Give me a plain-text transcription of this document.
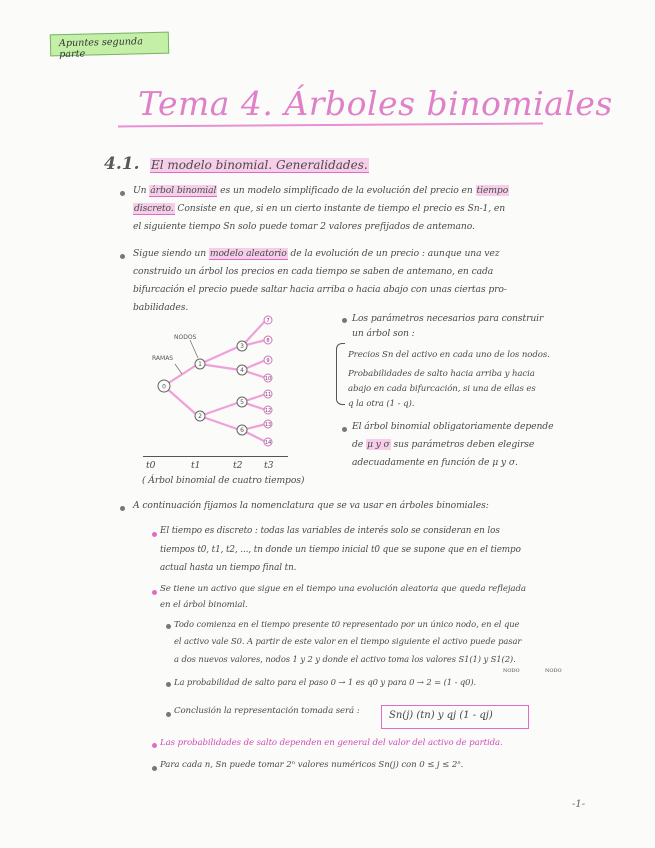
Apuntes segunda parte
Tema 4. Árboles binomiales
4.1. El modelo binomial. Generalidades.
Un árbol binomial es un modelo simplificado de la evolución del precio en tiempo
discreto. Consiste en que, si en un cierto instante de tiempo el precio es Sn-1, en
el siguiente tiempo Sn solo puede tomar 2 valores prefijados de antemano.
Sigue siendo un modelo aleatorio de la evolución de un precio : aunque una vez
construido un árbol los precios en cada tiempo se saben de antemano, en cada
bifurcación el precio puede saltar hacia arriba o hacia abajo con unas ciertas pro-
babilidades.
0
1
2
3
4
5
6
7
8
9
10
11
12
13
14
NODOS
RAMAS
t0	t1	t2 t3
( Árbol binomial de cuatro tiempos)
Los parámetros necesarios para construir
un árbol son :
Precios Sn del activo en cada uno de los nodos.
Probabilidades de salto hacia arriba y hacia
abajo en cada bifurcación, si una de ellas es
q la otra (1 - q).
El árbol binomial obligatoriamente depende
de μ y σ sus parámetros deben elegirse
adecuadamente en función de μ y σ.
A continuación fijamos la nomenclatura que se va usar en árboles binomiales:
El tiempo es discreto : todas las variables de interés solo se consideran en los
tiempos t0, t1, t2, ..., tn donde un tiempo inicial t0 que se supone que en el tiempo
actual hasta un tiempo final tn.
Se tiene un activo que sigue en el tiempo una evolución aleatoria que queda reflejada
en el árbol binomial.
Todo comienza en el tiempo presente t0 representado por un único nodo, en el que
el activo vale S0. A partir de este valor en el tiempo siguiente el activo puede pasar
a dos nuevos valores, nodos 1 y 2 y donde el activo toma los valores S1(1) y S1(2).
La probabilidad de salto para el paso 0 → 1 es q0 y para 0 → 2 = (1 - q0).
NODO	NODO
Conclusión la representación tomada será :	Sn(j) (tn) y qj (1 - qj)
Las probabilidades de salto dependen en general del valor del activo de partida.
Para cada n, Sn puede tomar 2ⁿ valores numéricos Sn(j) con 0 ≤ j ≤ 2ⁿ.
-1-
